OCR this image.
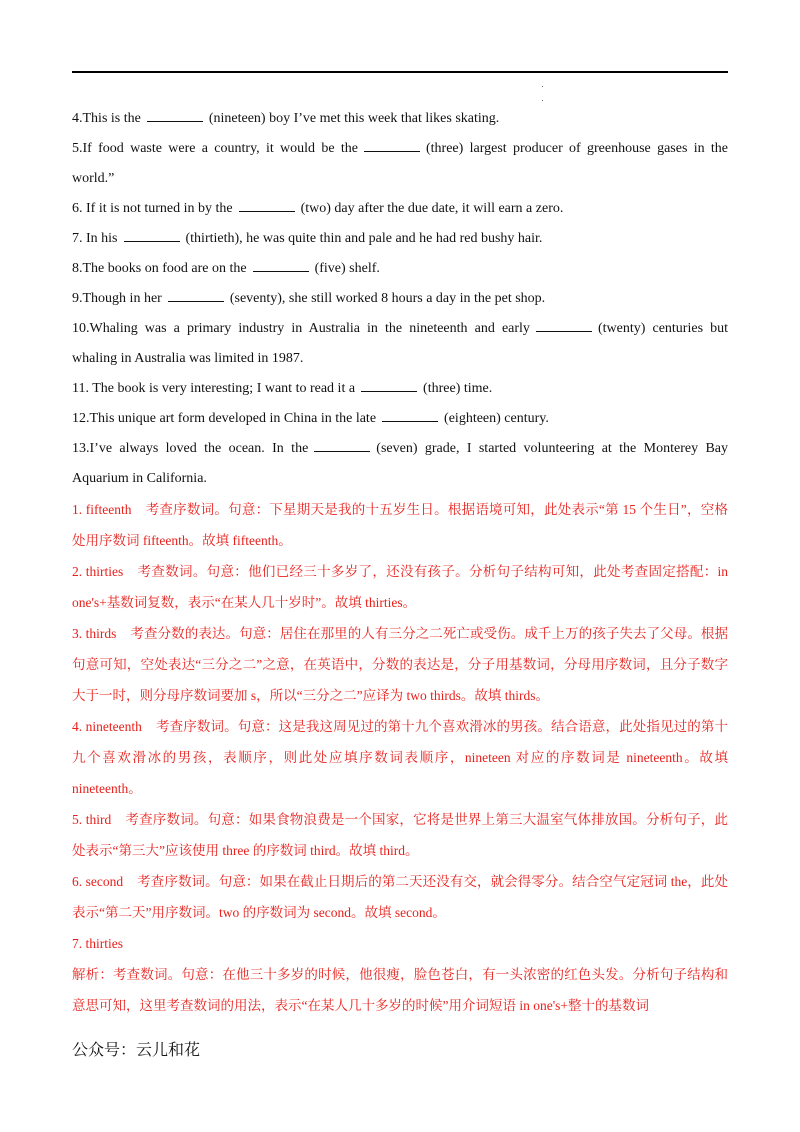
4.This is the	(nineteen) boy I’ve met this week that likes skating.

5.If food waste were a country, it would be the	(three) largest producer of greenhouse gases in the world.”

6. If it is not turned in by the	(two) day after the due date, it will earn a zero.

7. In his	(thirtieth), he was quite thin and pale and he had red bushy hair.

8.The books on food are on the	(five) shelf.

9.Though in her	(seventy), she still worked 8 hours a day in the pet shop.

10.Whaling was a primary industry in Australia in the nineteenth and early	(twenty) centuries but whaling in Australia was limited in 1987.

11. The book is very interesting; I want to read it a	(three) time.

12.This unique art form developed in China in the late	(eighteen) century.

13.I’ve always loved the ocean. In the	(seven) grade, I started volunteering at the Monterey Bay Aquarium in California.

1. fifteenth 考查序数词。句意：下星期天是我的十五岁生日。根据语境可知，此处表示“第 15 个生日”，空格处用序数词 fifteenth。故填 fifteenth。

2. thirties 考查数词。句意：他们已经三十多岁了，还没有孩子。分析句子结构可知，此处考查固定搭配：in one's+基数词复数，表示“在某人几十岁时”。故填 thirties。

3. thirds 考查分数的表达。句意：居住在那里的人有三分之二死亡或受伤。成千上万的孩子失去了父母。根据句意可知，空处表达“三分之二”之意，在英语中，分数的表达是，分子用基数词，分母用序数词，且分子数字大于一时，则分母序数词要加 s，所以“三分之二”应译为 two thirds。故填 thirds。

4. nineteenth 考查序数词。句意：这是我这周见过的第十九个喜欢滑冰的男孩。结合语意，此处指见过的第十九个喜欢滑冰的男孩，表顺序，则此处应填序数词表顺序，nineteen 对应的序数词是 nineteenth。故填 nineteenth。

5. third 考查序数词。句意：如果食物浪费是一个国家，它将是世界上第三大温室气体排放国。分析句子，此处表示“第三大”应该使用 three 的序数词 third。故填 third。

6. second 考查序数词。句意：如果在截止日期后的第二天还没有交，就会得零分。结合空气定冠词 the，此处表示“第二天”用序数词。two 的序数词为 second。故填 second。

7. thirties

解析：考查数词。句意：在他三十多岁的时候，他很瘦，脸色苍白，有一头浓密的红色头发。分析句子结构和意思可知，这里考查数词的用法，表示“在某人几十多岁的时候”用介词短语 in one's+整十的基数词

公众号：云儿和花
